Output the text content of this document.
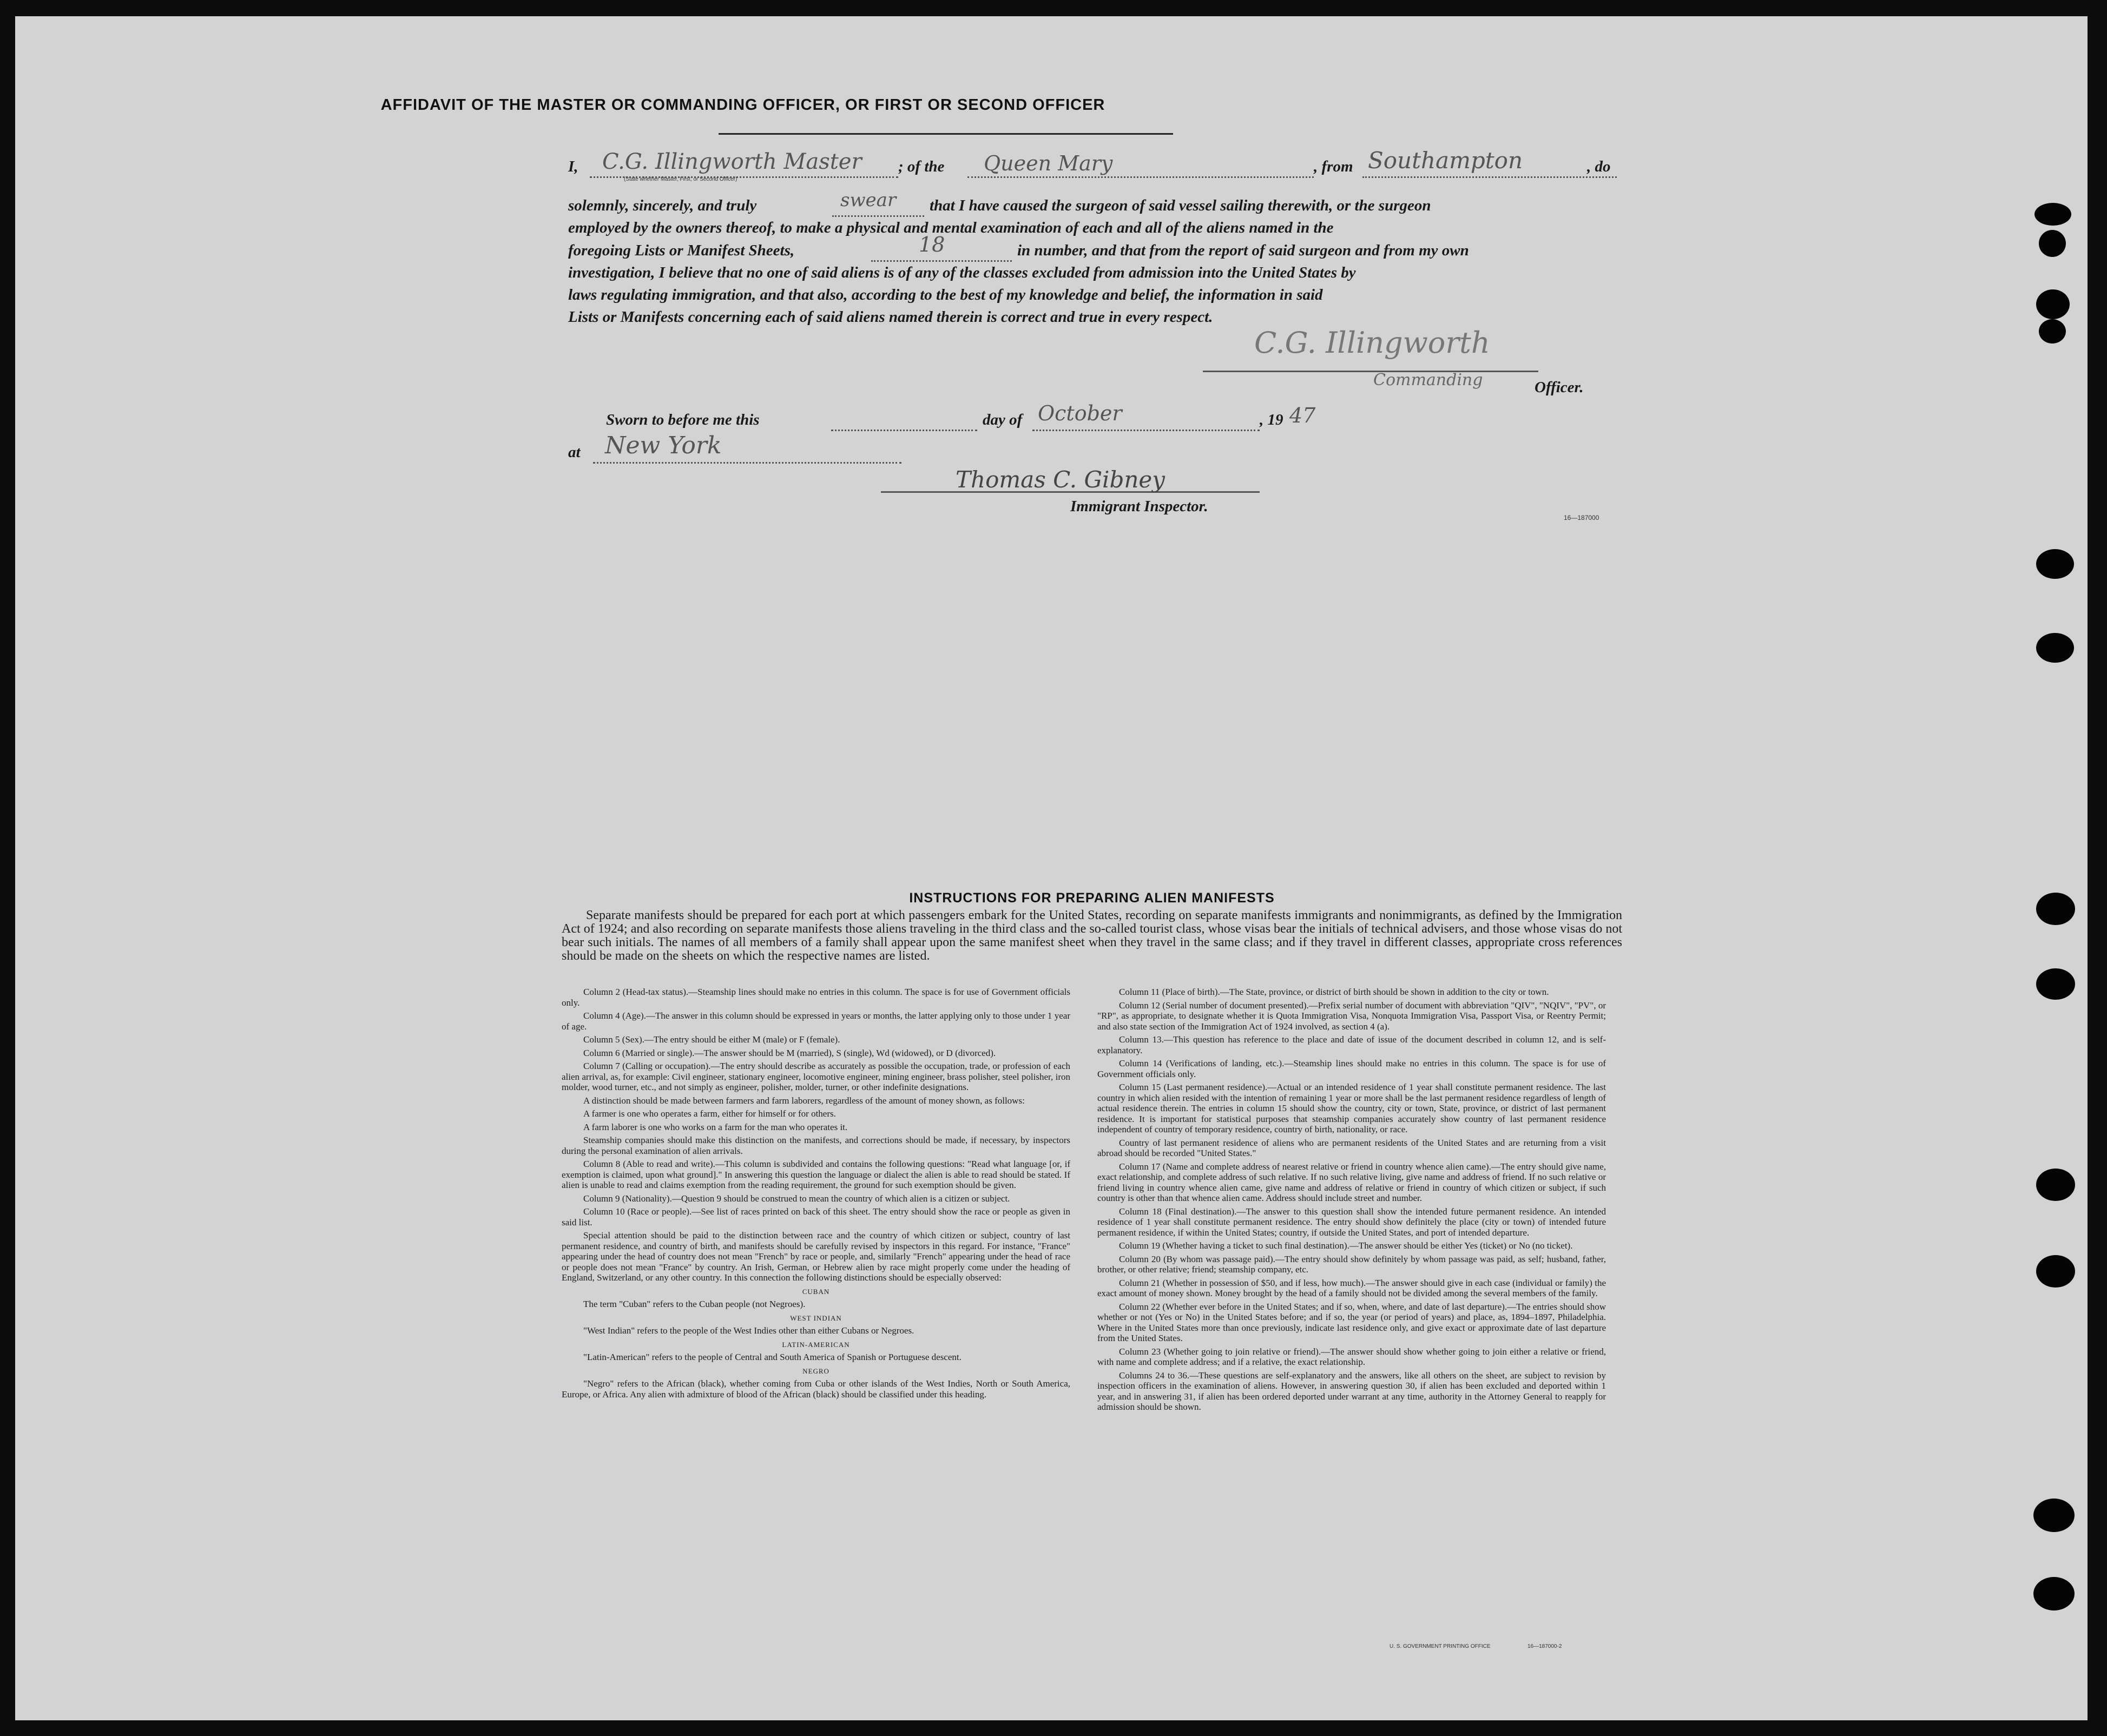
AFFIDAVIT OF THE MASTER OR COMMANDING OFFICER, OR FIRST OR SECOND OFFICER
I, C.G. Illingworth Master
(State whether Master, First, or Second Officer)
; of the Queen Mary	, from Southampton	, do
solemnly, sincerely, and truly	swear that I have caused the surgeon of said vessel sailing therewith, or the surgeon
employed by the owners thereof, to make a physical and mental examination of each and all of the aliens named in the
foregoing Lists or Manifest Sheets,	18	in number, and that from the report of said surgeon and from my own
investigation, I believe that no one of said aliens is of any of the classes excluded from admission into the United States by
laws regulating immigration, and that also, according to the best of my knowledge and belief, the information in said
Lists or Manifests concerning each of said aliens named therein is correct and true in every respect.
C.G. Illingworth
Commanding	Officer.
Sworn to before me this	day of October	, 19 47
at New York
Thomas C. Gibney
Immigrant Inspector.
16—187000
INSTRUCTIONS FOR PREPARING ALIEN MANIFESTS
Separate manifests should be prepared for each port at which passengers embark for the United States, recording on separate manifests immigrants and nonimmigrants, as defined by the Immigration Act of 1924; and also recording on separate manifests those aliens traveling in the third class and the so-called tourist class, whose visas bear the initials of technical advisers, and those whose visas do not bear such initials. The names of all members of a family shall appear upon the same manifest sheet when they travel in the same class; and if they travel in different classes, appropriate cross references should be made on the sheets on which the respective names are listed.

Column 2 (Head-tax status).—Steamship lines should make no entries in this column. The space is for use of Government officials only.

Column 4 (Age).—The answer in this column should be expressed in years or months, the latter applying only to those under 1 year of age.

Column 5 (Sex).—The entry should be either M (male) or F (female).

Column 6 (Married or single).—The answer should be M (married), S (single), Wd (widowed), or D (divorced).

Column 7 (Calling or occupation).—The entry should describe as accurately as possible the occupation, trade, or profession of each alien arrival, as, for example: Civil engineer, stationary engineer, locomotive engineer, mining engineer, brass polisher, steel polisher, iron molder, wood turner, etc., and not simply as engineer, polisher, molder, turner, or other indefinite designations.

A distinction should be made between farmers and farm laborers, regardless of the amount of money shown, as follows:

A farmer is one who operates a farm, either for himself or for others.

A farm laborer is one who works on a farm for the man who operates it.

Steamship companies should make this distinction on the manifests, and corrections should be made, if necessary, by inspectors during the personal examination of alien arrivals.

Column 8 (Able to read and write).—This column is subdivided and contains the following questions: "Read what language [or, if exemption is claimed, upon what ground]." In answering this question the language or dialect the alien is able to read should be stated. If alien is unable to read and claims exemption from the reading requirement, the ground for such exemption should be given.

Column 9 (Nationality).—Question 9 should be construed to mean the country of which alien is a citizen or subject.

Column 10 (Race or people).—See list of races printed on back of this sheet. The entry should show the race or people as given in said list.

Special attention should be paid to the distinction between race and the country of which citizen or subject, country of last permanent residence, and country of birth, and manifests should be carefully revised by inspectors in this regard. For instance, "France" appearing under the head of country does not mean "French" by race or people, and, similarly "French" appearing under the head of race or people does not mean "France" by country. An Irish, German, or Hebrew alien by race might properly come under the heading of England, Switzerland, or any other country. In this connection the following distinctions should be especially observed:

CUBAN

The term "Cuban" refers to the Cuban people (not Negroes).

WEST INDIAN

"West Indian" refers to the people of the West Indies other than either Cubans or Negroes.

LATIN-AMERICAN

"Latin-American" refers to the people of Central and South America of Spanish or Portuguese descent.

NEGRO

"Negro" refers to the African (black), whether coming from Cuba or other islands of the West Indies, North or South America, Europe, or Africa. Any alien with admixture of blood of the African (black) should be classified under this heading.

Column 11 (Place of birth).—The State, province, or district of birth should be shown in addition to the city or town.

Column 12 (Serial number of document presented).—Prefix serial number of document with abbreviation "QIV", "NQIV", "PV", or "RP", as appropriate, to designate whether it is Quota Immigration Visa, Nonquota Immigration Visa, Passport Visa, or Reentry Permit; and also state section of the Immigration Act of 1924 involved, as section 4 (a).

Column 13.—This question has reference to the place and date of issue of the document described in column 12, and is self-explanatory.

Column 14 (Verifications of landing, etc.).—Steamship lines should make no entries in this column. The space is for use of Government officials only.

Column 15 (Last permanent residence).—Actual or an intended residence of 1 year shall constitute permanent residence. The last country in which alien resided with the intention of remaining 1 year or more shall be the last permanent residence regardless of length of actual residence therein. The entries in column 15 should show the country, city or town, State, province, or district of last permanent residence. It is important for statistical purposes that steamship companies accurately show country of last permanent residence independent of country of temporary residence, country of birth, nationality, or race.

Country of last permanent residence of aliens who are permanent residents of the United States and are returning from a visit abroad should be recorded "United States."

Column 17 (Name and complete address of nearest relative or friend in country whence alien came).—The entry should give name, exact relationship, and complete address of such relative. If no such relative living, give name and address of friend. If no such relative or friend living in country whence alien came, give name and address of relative or friend in country of which citizen or subject, if such country is other than that whence alien came. Address should include street and number.

Column 18 (Final destination).—The answer to this question shall show the intended future permanent residence. An intended residence of 1 year shall constitute permanent residence. The entry should show definitely the place (city or town) of intended future permanent residence, if within the United States; country, if outside the United States, and port of intended departure.

Column 19 (Whether having a ticket to such final destination).—The answer should be either Yes (ticket) or No (no ticket).

Column 20 (By whom was passage paid).—The entry should show definitely by whom passage was paid, as self; husband, father, brother, or other relative; friend; steamship company, etc.

Column 21 (Whether in possession of $50, and if less, how much).—The answer should give in each case (individual or family) the exact amount of money shown. Money brought by the head of a family should not be divided among the several members of the family.

Column 22 (Whether ever before in the United States; and if so, when, where, and date of last departure).—The entries should show whether or not (Yes or No) in the United States before; and if so, the year (or period of years) and place, as, 1894–1897, Philadelphia. Where in the United States more than once previously, indicate last residence only, and give exact or approximate date of last departure from the United States.

Column 23 (Whether going to join relative or friend).—The answer should show whether going to join either a relative or friend, with name and complete address; and if a relative, the exact relationship.

Columns 24 to 36.—These questions are self-explanatory and the answers, like all others on the sheet, are subject to revision by inspection officers in the examination of aliens. However, in answering question 30, if alien has been excluded and deported within 1 year, and in answering 31, if alien has been ordered deported under warrant at any time, authority in the Attorney General to reapply for admission should be shown.

U. S. GOVERNMENT PRINTING OFFICE	16—187000-2
